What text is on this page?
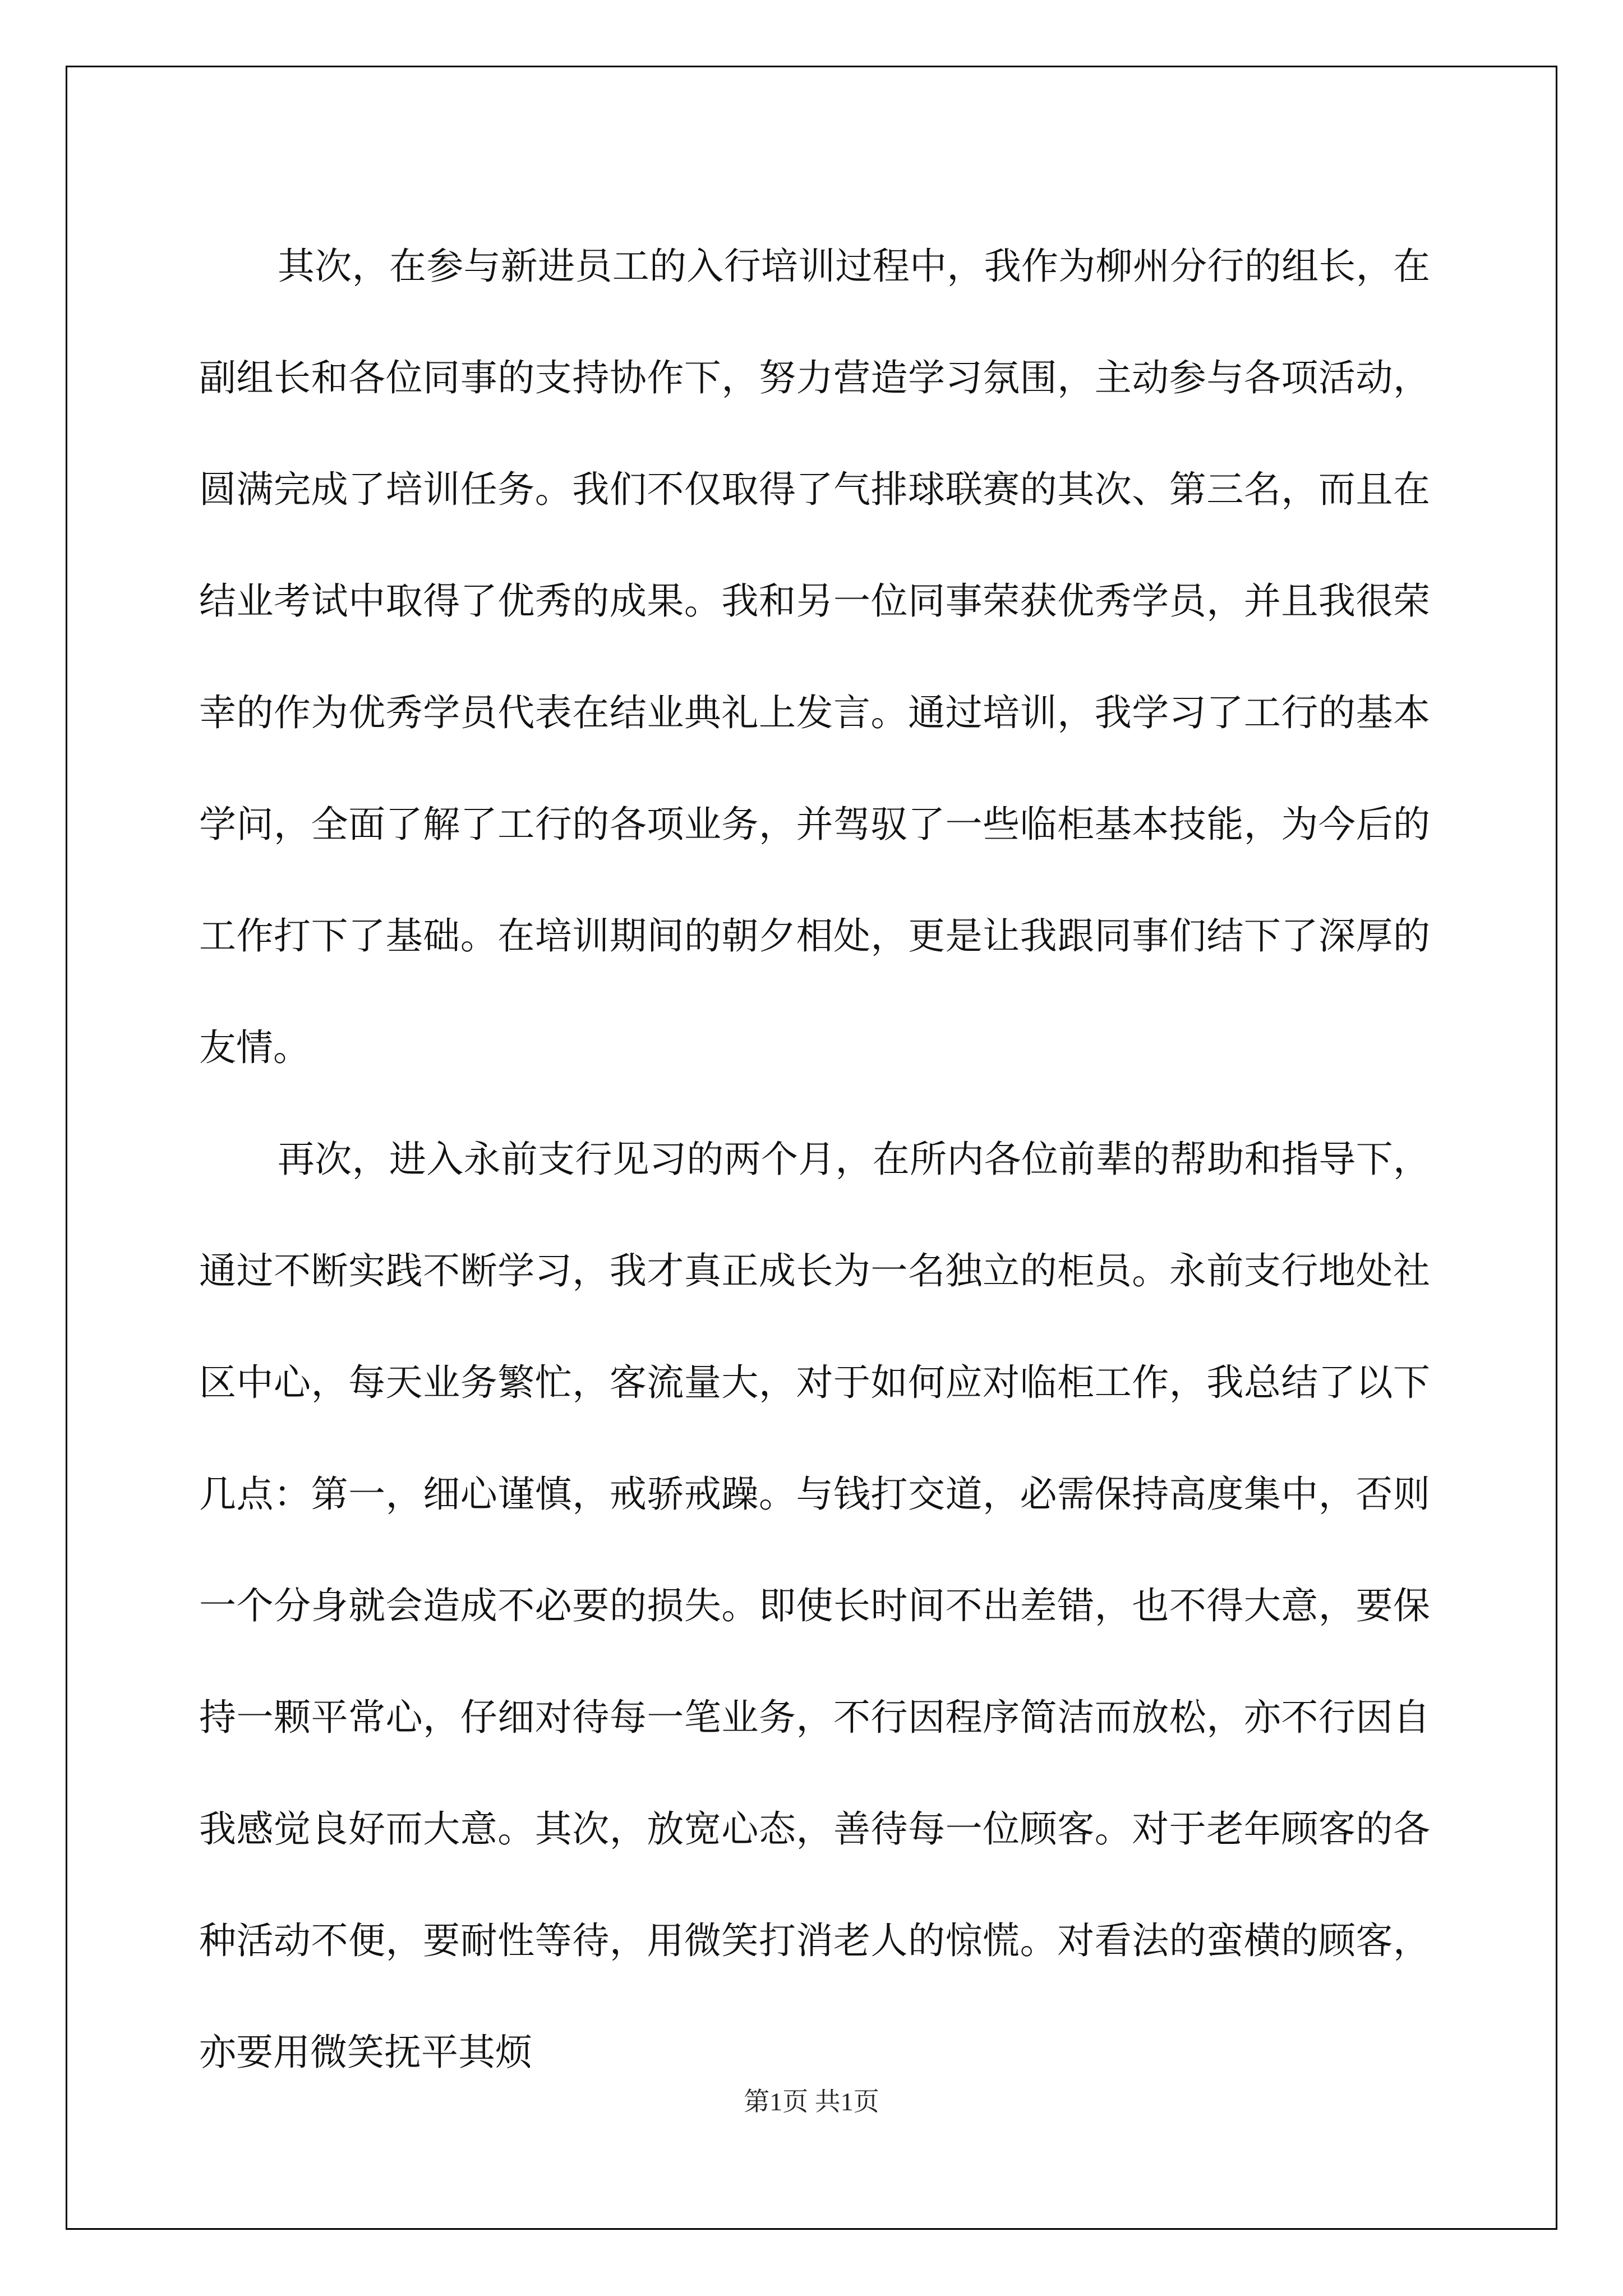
其次，在参与新进员工的入行培训过程中，我作为柳州分行的组长，在副组长和各位同事的支持协作下，努力营造学习氛围，主动参与各项活动，圆满完成了培训任务。我们不仅取得了气排球联赛的其次、第三名，而且在结业考试中取得了优秀的成果。我和另一位同事荣获优秀学员，并且我很荣幸的作为优秀学员代表在结业典礼上发言。通过培训，我学习了工行的基本学问，全面了解了工行的各项业务，并驾驭了一些临柜基本技能，为今后的工作打下了基础。在培训期间的朝夕相处，更是让我跟同事们结下了深厚的友情。

再次，进入永前支行见习的两个月，在所内各位前辈的帮助和指导下，通过不断实践不断学习，我才真正成长为一名独立的柜员。永前支行地处社区中心，每天业务繁忙，客流量大，对于如何应对临柜工作，我总结了以下几点：第一，细心谨慎，戒骄戒躁。与钱打交道，必需保持高度集中，否则一个分身就会造成不必要的损失。即使长时间不出差错，也不得大意，要保持一颗平常心，仔细对待每一笔业务，不行因程序简洁而放松，亦不行因自我感觉良好而大意。其次，放宽心态，善待每一位顾客。对于老年顾客的各种活动不便，要耐性等待，用微笑打消老人的惊慌。对看法的蛮横的顾客，亦要用微笑抚平其烦

第1页 共1页
